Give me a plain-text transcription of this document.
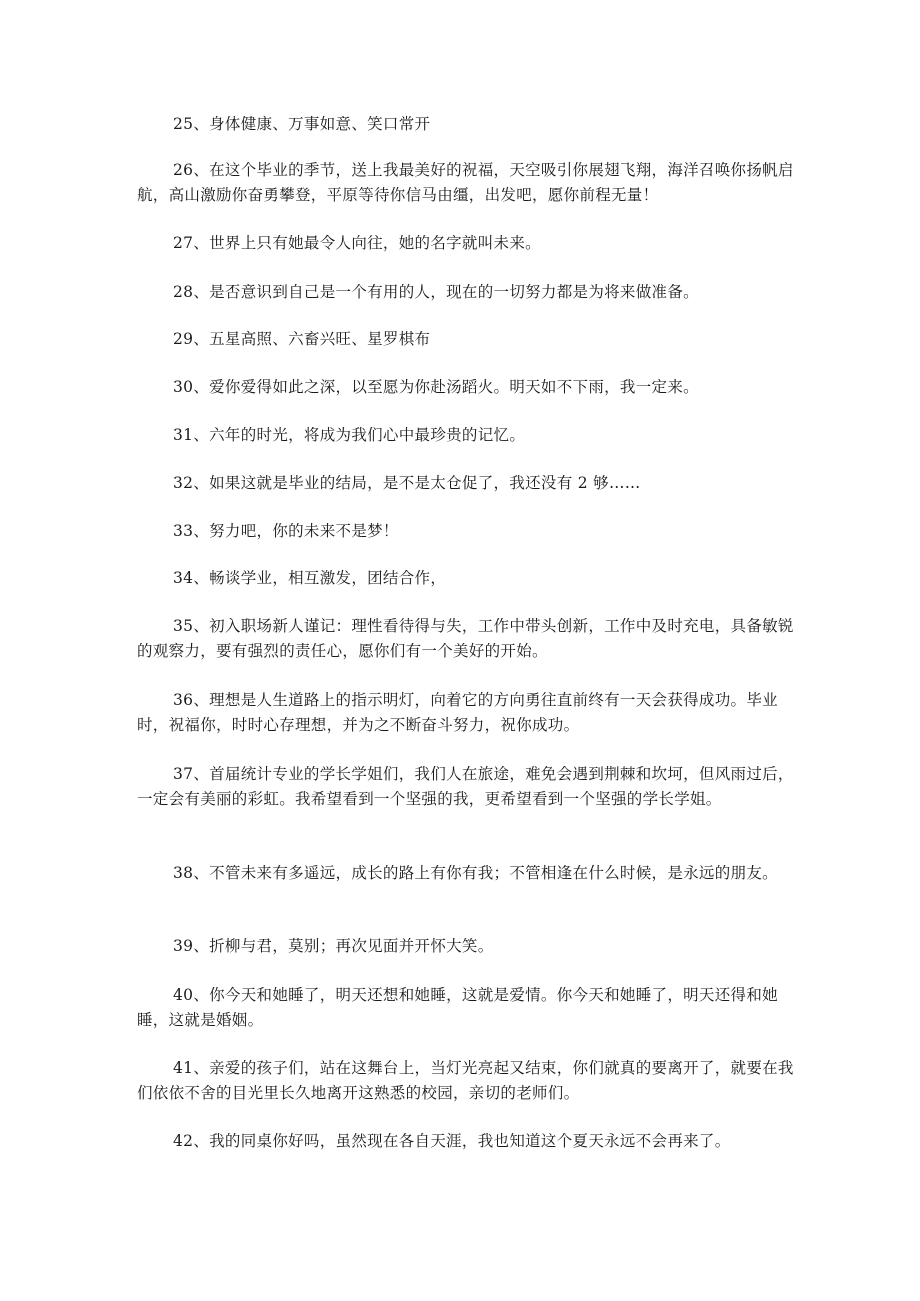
25、身体健康、万事如意、笑口常开

26、在这个毕业的季节，送上我最美好的祝福，天空吸引你展翅飞翔，海洋召唤你扬帆启航，高山激励你奋勇攀登，平原等待你信马由缰，出发吧，愿你前程无量！

27、世界上只有她最令人向往，她的名字就叫未来。

28、是否意识到自己是一个有用的人，现在的一切努力都是为将来做准备。

29、五星高照、六畜兴旺、星罗棋布

30、爱你爱得如此之深，以至愿为你赴汤蹈火。明天如不下雨，我一定来。

31、六年的时光，将成为我们心中最珍贵的记忆。

32、如果这就是毕业的结局，是不是太仓促了，我还没有 2 够……

33、努力吧，你的未来不是梦！

34、畅谈学业，相互激发，团结合作，

35、初入职场新人谨记：理性看待得与失，工作中带头创新，工作中及时充电，具备敏锐的观察力，要有强烈的责任心，愿你们有一个美好的开始。

36、理想是人生道路上的指示明灯，向着它的方向勇往直前终有一天会获得成功。毕业时，祝福你，时时心存理想，并为之不断奋斗努力，祝你成功。

37、首届统计专业的学长学姐们，我们人在旅途，难免会遇到荆棘和坎坷，但风雨过后，一定会有美丽的彩虹。我希望看到一个坚强的我，更希望看到一个坚强的学长学姐。

38、不管未来有多遥远，成长的路上有你有我；不管相逢在什么时候，是永远的朋友。

39、折柳与君，莫别；再次见面并开怀大笑。

40、你今天和她睡了，明天还想和她睡，这就是爱情。你今天和她睡了，明天还得和她睡，这就是婚姻。

41、亲爱的孩子们，站在这舞台上，当灯光亮起又结束，你们就真的要离开了，就要在我们依依不舍的目光里长久地离开这熟悉的校园，亲切的老师们。

42、我的同桌你好吗，虽然现在各自天涯，我也知道这个夏天永远不会再来了。
